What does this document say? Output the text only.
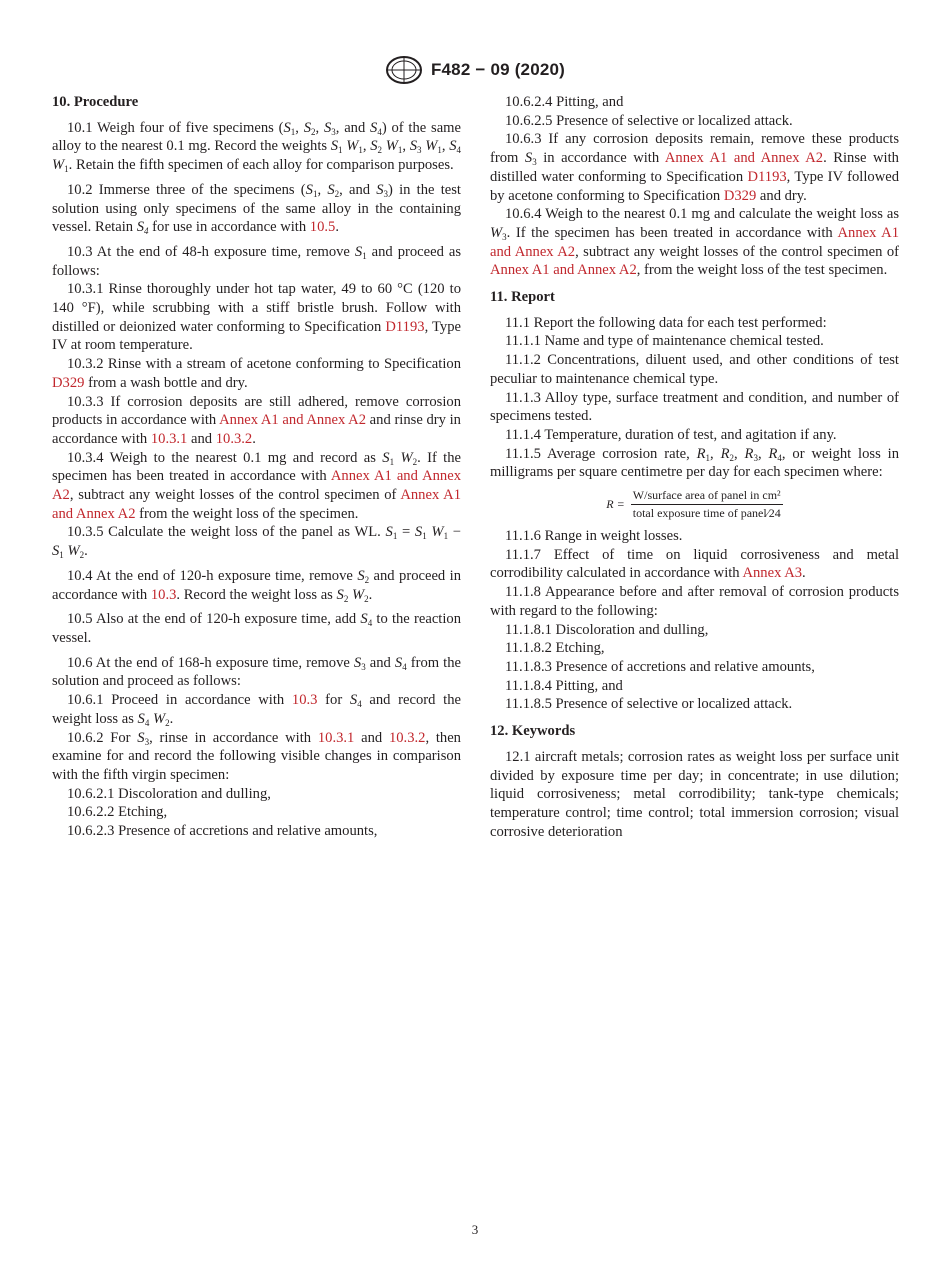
F482 − 09 (2020)
10. Procedure

10.1 Weigh four of five specimens ($S_1$, $S_2$, $S_3$, and $S_4$) of the same alloy to the nearest 0.1 mg. Record the weights $S_1$ $W_1$, $S_2$ $W_1$, $S_3$ $W_1$, $S_4$ $W_1$. Retain the fifth specimen of each alloy for comparison purposes.

10.2 Immerse three of the specimens ($S_1$, $S_2$, and $S_3$) in the test solution using only specimens of the same alloy in the containing vessel. Retain $S_4$ for use in accordance with 10.5.

10.3 At the end of 48-h exposure time, remove $S_1$ and proceed as follows:

10.3.1 Rinse thoroughly under hot tap water, 49 to 60 °C (120 to 140 °F), while scrubbing with a stiff bristle brush. Follow with distilled or deionized water conforming to Specification D1193, Type IV at room temperature.

10.3.2 Rinse with a stream of acetone conforming to Specification D329 from a wash bottle and dry.

10.3.3 If corrosion deposits are still adhered, remove corrosion products in accordance with Annex A1 and Annex A2 and rinse dry in accordance with 10.3.1 and 10.3.2.

10.3.4 Weigh to the nearest 0.1 mg and record as $S_1$ $W_2$. If the specimen has been treated in accordance with Annex A1 and Annex A2, subtract any weight losses of the control specimen of Annex A1 and Annex A2 from the weight loss of the specimen.

10.3.5 Calculate the weight loss of the panel as WL. $S_1 = S_1$ $W_1 - S_1$ $W_2$.

10.4 At the end of 120-h exposure time, remove $S_2$ and proceed in accordance with 10.3. Record the weight loss as $S_2$ $W_2$.

10.5 Also at the end of 120-h exposure time, add $S_4$ to the reaction vessel.

10.6 At the end of 168-h exposure time, remove $S_3$ and $S_4$ from the solution and proceed as follows:

10.6.1 Proceed in accordance with 10.3 for $S_4$ and record the weight loss as $S_4$ $W_2$.

10.6.2 For $S_3$, rinse in accordance with 10.3.1 and 10.3.2, then examine for and record the following visible changes in comparison with the fifth virgin specimen:

10.6.2.1 Discoloration and dulling,

10.6.2.2 Etching,

10.6.2.3 Presence of accretions and relative amounts,

10.6.2.4 Pitting, and

10.6.2.5 Presence of selective or localized attack.

10.6.3 If any corrosion deposits remain, remove these products from $S_3$ in accordance with Annex A1 and Annex A2. Rinse with distilled water conforming to Specification D1193, Type IV followed by acetone conforming to Specification D329 and dry.

10.6.4 Weigh to the nearest 0.1 mg and calculate the weight loss as $W_3$. If the specimen has been treated in accordance with Annex A1 and Annex A2, subtract any weight losses of the control specimen of Annex A1 and Annex A2, from the weight loss of the test specimen.

11. Report

11.1 Report the following data for each test performed:

11.1.1 Name and type of maintenance chemical tested.

11.1.2 Concentrations, diluent used, and other conditions of test peculiar to maintenance chemical type.

11.1.3 Alloy type, surface treatment and condition, and number of specimens tested.

11.1.4 Temperature, duration of test, and agitation if any.

11.1.5 Average corrosion rate, $R_1$, $R_2$, $R_3$, $R_4$, or weight loss in milligrams per square centimetre per day for each specimen where:

$R = \frac{\text{W/surface area of panel in cm²}}{\text{total exposure time of panel⁄24}}$

11.1.6 Range in weight losses.

11.1.7 Effect of time on liquid corrosiveness and metal corrodibility calculated in accordance with Annex A3.

11.1.8 Appearance before and after removal of corrosion products with regard to the following:

11.1.8.1 Discoloration and dulling,

11.1.8.2 Etching,

11.1.8.3 Presence of accretions and relative amounts,

11.1.8.4 Pitting, and

11.1.8.5 Presence of selective or localized attack.

12. Keywords

12.1 aircraft metals; corrosion rates as weight loss per surface unit divided by exposure time per day; in concentrate; in use dilution; liquid corrosiveness; metal corrodibility; tank-type chemicals; temperature control; time control; total immersion corrosion; visual corrosive deterioration

3
